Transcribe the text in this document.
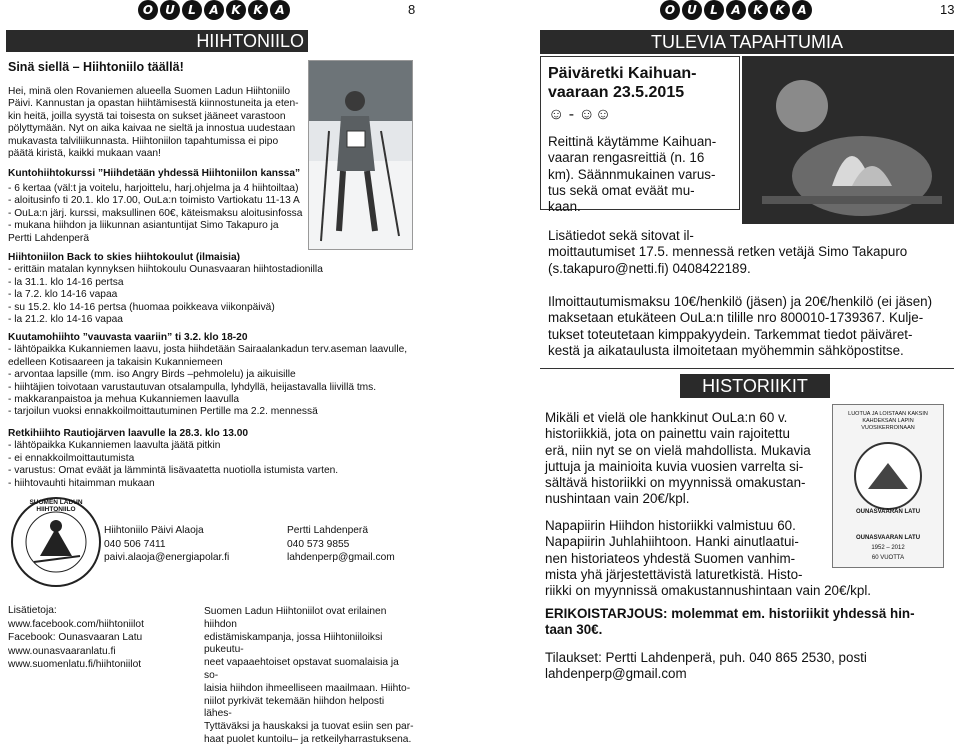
O	U	L	A	K	K	A	8
HIIHTONIILO
Sinä siellä – Hiihtoniilo täällä!
Hei, minä olen Rovaniemen alueella Suomen Ladun Hiihtoniilo
Päivi. Kannustan ja opastan hiihtämisestä kiinnostuneita ja eten-
kin heitä, joilla syystä tai toisesta on sukset jääneet varastoon
pölyttymään. Nyt on aika kaivaa ne sieltä ja innostua uudestaan
mukavasta talviliikunnasta. Hiihtoniilon tapahtumissa ei pipo
päätä kiristä, kaikki mukaan vaan!
Kuntohiihtokurssi ”Hiihdetään yhdessä Hiihtoniilon kanssa”
- 6 kertaa (väl:t ja voitelu, harjoittelu, harj.ohjelma ja 4 hiihtoiltaa)
- aloitusinfo ti 20.1. klo 17.00, OuLa:n toimisto Vartiokatu 11-13 A
- OuLa:n järj. kurssi, maksullinen 60€, käteismaksu aloitusinfossa
- mukana hiihdon ja liikunnan asiantuntijat Simo Takapuro ja
Pertti Lahdenperä
Hiihtoniilon Back to skies hiihtokoulut (ilmaisia)
- erittäin matalan kynnyksen hiihtokoulu Ounasvaaran hiihtostadionilla
- la 31.1. klo 14-16 pertsa
- la 7.2. klo 14-16 vapaa
- su 15.2. klo 14-16 pertsa (huomaa poikkeava viikonpäivä)
- la 21.2. klo 14-16 vapaa
Kuutamohiihto ”vauvasta vaariin” ti 3.2. klo 18-20
- lähtöpaikka Kukanniemen laavu, josta hiihdetään Sairaalankadun terv.aseman laavulle,
edelleen Kotisaareen ja takaisin Kukanniemeen
- arvontaa lapsille (mm. iso Angry Birds –pehmolelu) ja aikuisille
- hiihtäjien toivotaan varustautuvan otsalampulla, lyhdyllä, heijastavalla liivillä tms.
- makkaranpaistoa ja mehua Kukanniemen laavulla
- tarjoilun vuoksi ennakkoilmoittautuminen Pertille ma 2.2. mennessä
Retkihiihto Rautiojärven laavulle la 28.3. klo 13.00
- lähtöpaikka Kukanniemen laavulta jäätä pitkin
- ei ennakkoilmoittautumista
- varustus: Omat eväät ja lämmintä lisävaatetta nuotiolla istumista varten.
- hiihtovauhti hitaimman mukaan
SUOMEN LADUN HIIHTONIILO
Hiihtoniilo Päivi Alaoja
040 506 7411
paivi.alaoja@energiapolar.fi
Pertti Lahdenperä
040 573 9855
lahdenperp@gmail.com
Lisätietoja:
www.facebook.com/hiihtoniilot
Facebook: Ounasvaaran Latu
www.ounasvaaranlatu.fi
www.suomenlatu.fi/hiihtoniilot
Suomen Ladun Hiihtoniilot ovat erilainen hiihdon
edistämiskampanja, jossa Hiihtoniiloiksi pukeutu-
neet vapaaehtoiset opstavat suomalaisia ja so-
laisia hiihdon ihmeelliseen maailmaan. Hiihto-
niilot pyrkivät tekemään hiihdon helposti lähes-
Tyttäväksi ja hauskaksi ja tuovat esiin sen par-
haat puolet kuntoilu– ja retkeilyharrastuksena.
O	U	L	A	K	K	A	13
TULEVIA TAPAHTUMIA
Päiväretki Kaihuan-
vaaraan 23.5.2015
☺ - ☺☺
Reittinä käytämme Kaihuan-
vaaran rengasreittiä (n. 16
km). Säännmukainen varus-
tus sekä omat eväät mu-
kaan.
Lisätiedot sekä sitovat il-
moittautumiset 17.5. mennessä retken vetäjä Simo Takapuro
(s.takapuro@netti.fi) 0408422189.
Ilmoittautumismaksu 10€/henkilö (jäsen) ja 20€/henkilö (ei jäsen)
maksetaan etukäteen OuLa:n tilille nro 800010-1739367. Kulje-
tukset toteutetaan kimppakyydein. Tarkemmat tiedot päiväret-
kestä ja aikataulusta ilmoitetaan myöhemmin sähköpostitse.
HISTORIIKIT
Mikäli et vielä ole hankkinut OuLa:n 60 v.
historiikkiä, jota on painettu vain rajoitettu
erä, niin nyt se on vielä mahdollista. Mukavia
juttuja ja mainioita kuvia vuosien varrelta si-
sältävä historiikki on myynnissä omakustan-
nushintaan vain 20€/kpl.
LUOTUA JA LOISTAAN KAKSIN KAHDEKSAN LAPIN VUOSIKERROINAAN
OUNASVAARAN LATU
OUNASVAARAN LATU
1952 – 2012
60 VUOTTA
Napapiirin Hiihdon historiikki valmistuu 60.
Napapiirin Juhlahiihtoon. Hanki ainutlaatui-
nen historiateos yhdestä Suomen vanhim-
mista yhä järjestettävistä laturetkistä. Histo-
riikki on myynnissä omakustannushintaan vain 20€/kpl.
ERIKOISTARJOUS: molemmat em. historiikit yhdessä hin-
taan 30€.
Tilaukset: Pertti Lahdenperä, puh. 040 865 2530, posti
lahdenperp@gmail.com
